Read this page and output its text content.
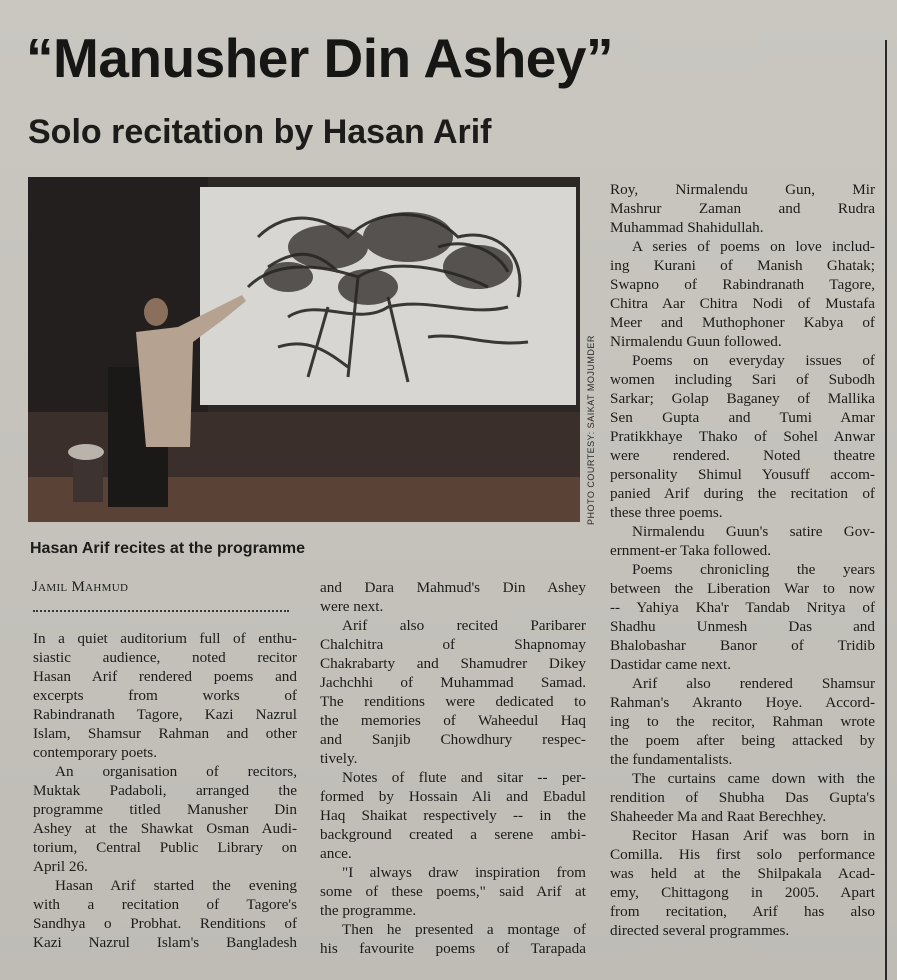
“Manusher Din Ashey”
Solo recitation by Hasan Arif
PHOTO COURTESY: SAIKAT MOJUMDER

Hasan Arif recites at the programme

Jamil Mahmud

In a quiet auditorium full of enthu-

siastic audience, noted recitor

Hasan Arif rendered poems and

excerpts from works of

Rabindranath Tagore, Kazi Nazrul

Islam, Shamsur Rahman and other

contemporary poets.

An organisation of recitors,

Muktak Padaboli, arranged the

programme titled Manusher Din

Ashey at the Shawkat Osman Audi-

torium, Central Public Library on

April 26.

Hasan Arif started the evening

with a recitation of Tagore's

Sandhya o Probhat. Renditions of

Kazi Nazrul Islam's Bangladesh

and Dara Mahmud's Din Ashey

were next.

Arif also recited Paribarer

Chalchitra of Shapnomay

Chakrabarty and Shamudrer Dikey

Jachchhi of Muhammad Samad.

The renditions were dedicated to

the memories of Waheedul Haq

and Sanjib Chowdhury respec-

tively.

Notes of flute and sitar -- per-

formed by Hossain Ali and Ebadul

Haq Shaikat respectively -- in the

background created a serene ambi-

ance.

"I always draw inspiration from

some of these poems," said Arif at

the programme.

Then he presented a montage of

his favourite poems of Tarapada

Roy, Nirmalendu Gun, Mir

Mashrur Zaman and Rudra

Muhammad Shahidullah.

A series of poems on love includ-

ing Kurani of Manish Ghatak;

Swapno of Rabindranath Tagore,

Chitra Aar Chitra Nodi of Mustafa

Meer and Muthophoner Kabya of

Nirmalendu Guun followed.

Poems on everyday issues of

women including Sari of Subodh

Sarkar; Golap Baganey of Mallika

Sen Gupta and Tumi Amar

Pratikkhaye Thako of Sohel Anwar

were rendered. Noted theatre

personality Shimul Yousuff accom-

panied Arif during the recitation of

these three poems.

Nirmalendu Guun's satire Gov-

ernment-er Taka followed.

Poems chronicling the years

between the Liberation War to now

-- Yahiya Kha'r Tandab Nritya of

Shadhu Unmesh Das and

Bhalobashar Banor of Tridib

Dastidar came next.

Arif also rendered Shamsur

Rahman's Akranto Hoye. Accord-

ing to the recitor, Rahman wrote

the poem after being attacked by

the fundamentalists.

The curtains came down with the

rendition of Shubha Das Gupta's

Shaheeder Ma and Raat Berechhey.

Recitor Hasan Arif was born in

Comilla. His first solo performance

was held at the Shilpakala Acad-

emy, Chittagong in 2005. Apart

from recitation, Arif has also

directed several programmes.
